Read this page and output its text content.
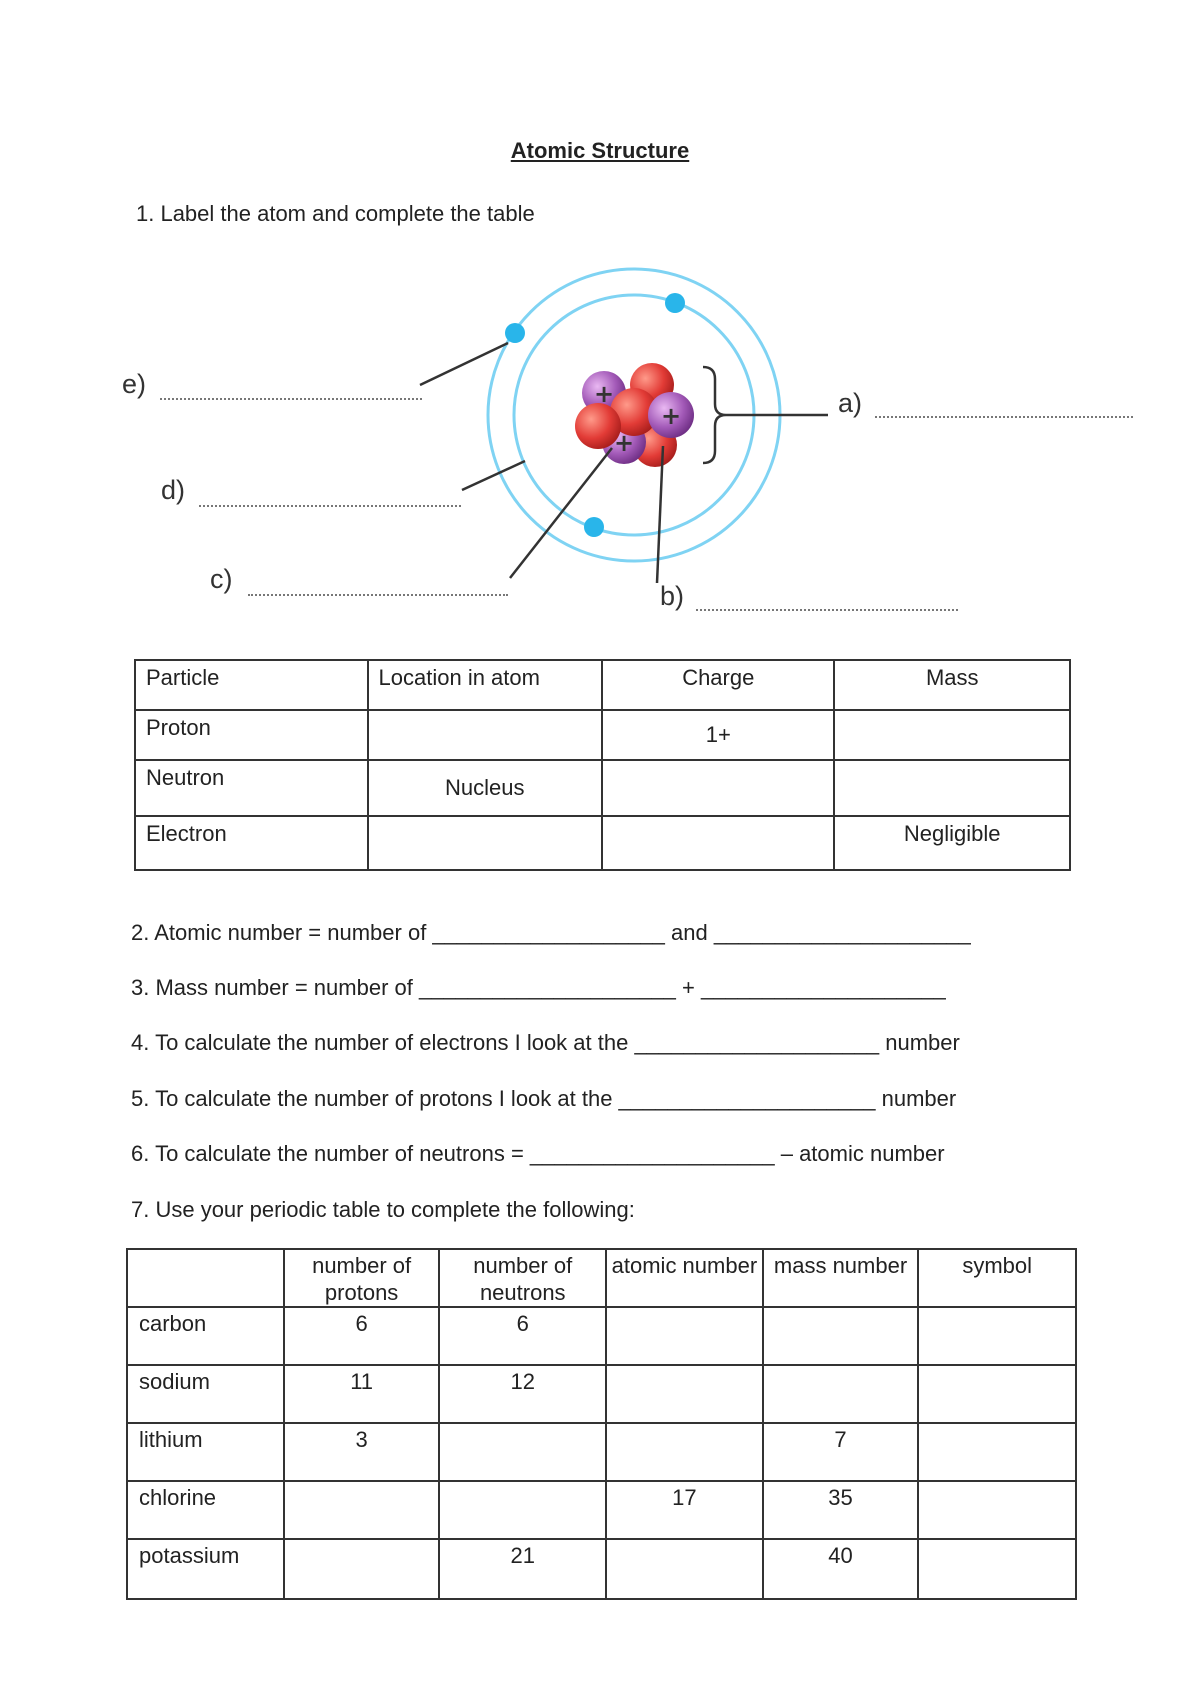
Atomic Structure
1. Label the atom and complete the table
+
+
+	a)
b)
c)
d)
e)
Particle	Location in atom	Charge	Mass
Proton		1+	
Neutron	Nucleus		
Electron			Negligible
2. Atomic number = number of ___________________ and _____________________
3. Mass number = number of _____________________ + ____________________
4. To calculate the number of electrons I look at the ____________________ number
5. To calculate the number of protons I look at the _____________________ number
6. To calculate the number of neutrons = ____________________ – atomic number
7. Use your periodic table to complete the following:
	number of protons	number of neutrons	atomic number	mass number	symbol
carbon	6	6			
sodium	11	12			
lithium	3			7	
chlorine			17	35	
potassium		21		40	
